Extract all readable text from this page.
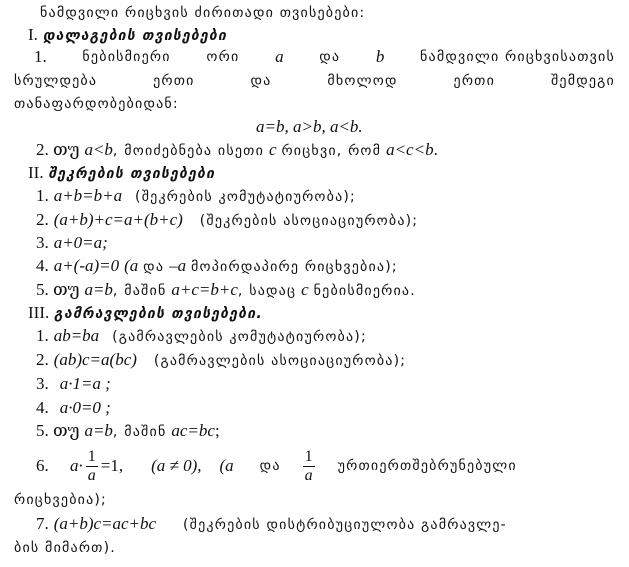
ნამდვილი რიცხვის ძირითადი თვისებები:
I. დალაგების თვისებები
1.	ნებისმიერი	ორი a	და b	ნამდვილი რიცხვისათვის
სრულდება	ერთი	და	მხოლოდ	ერთი	შემდეგი
თანაფარდობებიდან:
a=b, a>b, a<b.
2. თუ a<b, მოიძებნება ისეთი c რიცხვი, რომ a<c<b.
II. შეკრების თვისებები
1. a+b=b+a (შეკრების კომუტატიურობა);
2. (a+b)+c=a+(b+c) (შეკრების ასოციაციურობა);
3. a+0=a;
4. a+(-a)=0 (a და –a მოპირდაპირე რიცხვებია);
5. თუ a=b, მაშინ a+c=b+c, სადაც c ნებისმიერია.
III. გამრავლების თვისებები.
1. ab=ba (გამრავლების კომუტატიურობა);
2. (ab)c=a(bc) (გამრავლების ასოციაციურობა);
3. a·1=a ;
4. a·0=0 ;
5. თუ a=b, მაშინ ac=bc;
6.	$a\cdot \frac{1}{a} =1$, (a ≠ 0), (a და $\frac{1}{a}$ ურთიერთშებრუნებული
რიცხვებია);
7. (a+b)c=ac+bc (შეკრების დისტრიბუციულობა გამრავლე-
ბის მიმართ).
